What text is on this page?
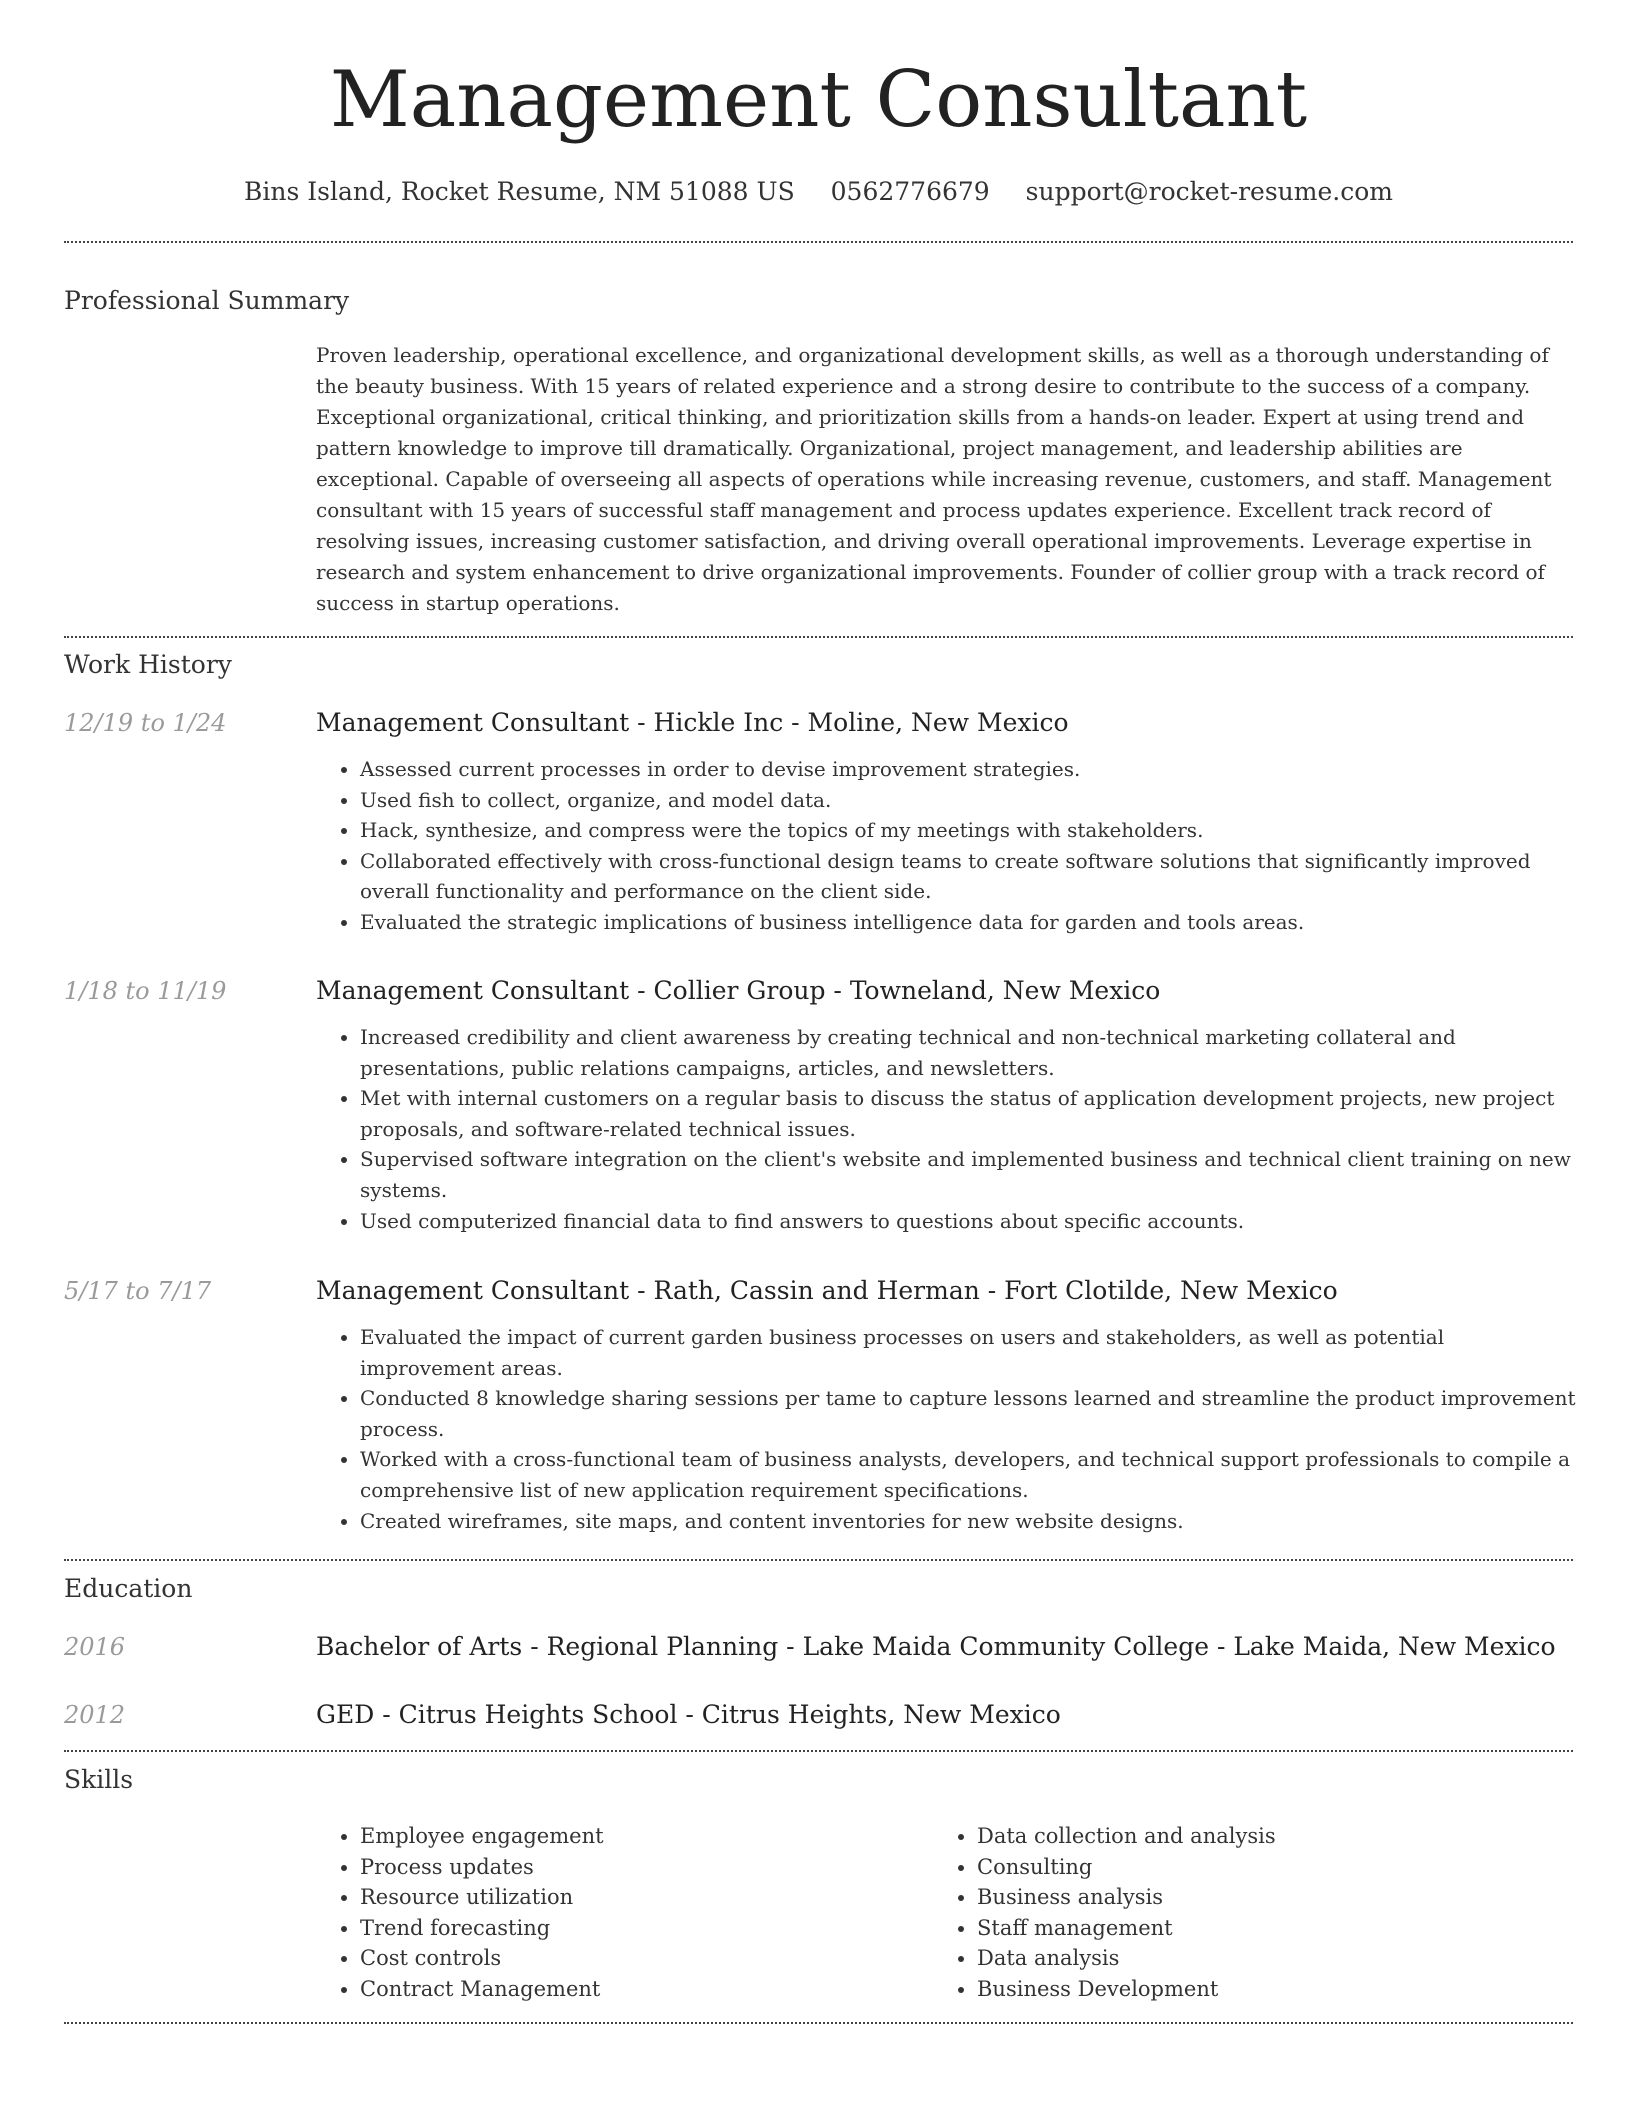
Management Consultant
Bins Island, Rocket Resume, NM 51088 US 0562776679 support@rocket-resume.com
Professional Summary

Proven leadership, operational excellence, and organizational development skills, as well as a thorough understanding of the beauty business. With 15 years of related experience and a strong desire to contribute to the success of a company. Exceptional organizational, critical thinking, and prioritization skills from a hands-on leader. Expert at using trend and pattern knowledge to improve till dramatically. Organizational, project management, and leadership abilities are exceptional. Capable of overseeing all aspects of operations while increasing revenue, customers, and staff. Management consultant with 15 years of successful staff management and process updates experience. Excellent track record of resolving issues, increasing customer satisfaction, and driving overall operational improvements. Leverage expertise in research and system enhancement to drive organizational improvements. Founder of collier group with a track record of success in startup operations.

Work History
12/19 to 1/24	Management Consultant - Hickle Inc - Moline, New Mexico

• Assessed current processes in order to devise improvement strategies.
• Used fish to collect, organize, and model data.
• Hack, synthesize, and compress were the topics of my meetings with stakeholders.
• Collaborated effectively with cross-functional design teams to create software solutions that significantly improved overall functionality and performance on the client side.
• Evaluated the strategic implications of business intelligence data for garden and tools areas.
1/18 to 11/19	Management Consultant - Collier Group - Towneland, New Mexico

• Increased credibility and client awareness by creating technical and non-technical marketing collateral and presentations, public relations campaigns, articles, and newsletters.
• Met with internal customers on a regular basis to discuss the status of application development projects, new project proposals, and software-related technical issues.
• Supervised software integration on the client's website and implemented business and technical client training on new systems.
• Used computerized financial data to find answers to questions about specific accounts.
5/17 to 7/17	Management Consultant - Rath, Cassin and Herman - Fort Clotilde, New Mexico

• Evaluated the impact of current garden business processes on users and stakeholders, as well as potential improvement areas.
• Conducted 8 knowledge sharing sessions per tame to capture lessons learned and streamline the product improvement process.
• Worked with a cross-functional team of business analysts, developers, and technical support professionals to compile a comprehensive list of new application requirement specifications.
• Created wireframes, site maps, and content inventories for new website designs.
Education
2016	Bachelor of Arts - Regional Planning - Lake Maida Community College - Lake Maida, New Mexico
2012	GED - Citrus Heights School - Citrus Heights, New Mexico
Skills
• Employee engagement
• Process updates
• Resource utilization
• Trend forecasting
• Cost controls
• Contract Management
• Data collection and analysis
• Consulting
• Business analysis
• Staff management
• Data analysis
• Business Development
